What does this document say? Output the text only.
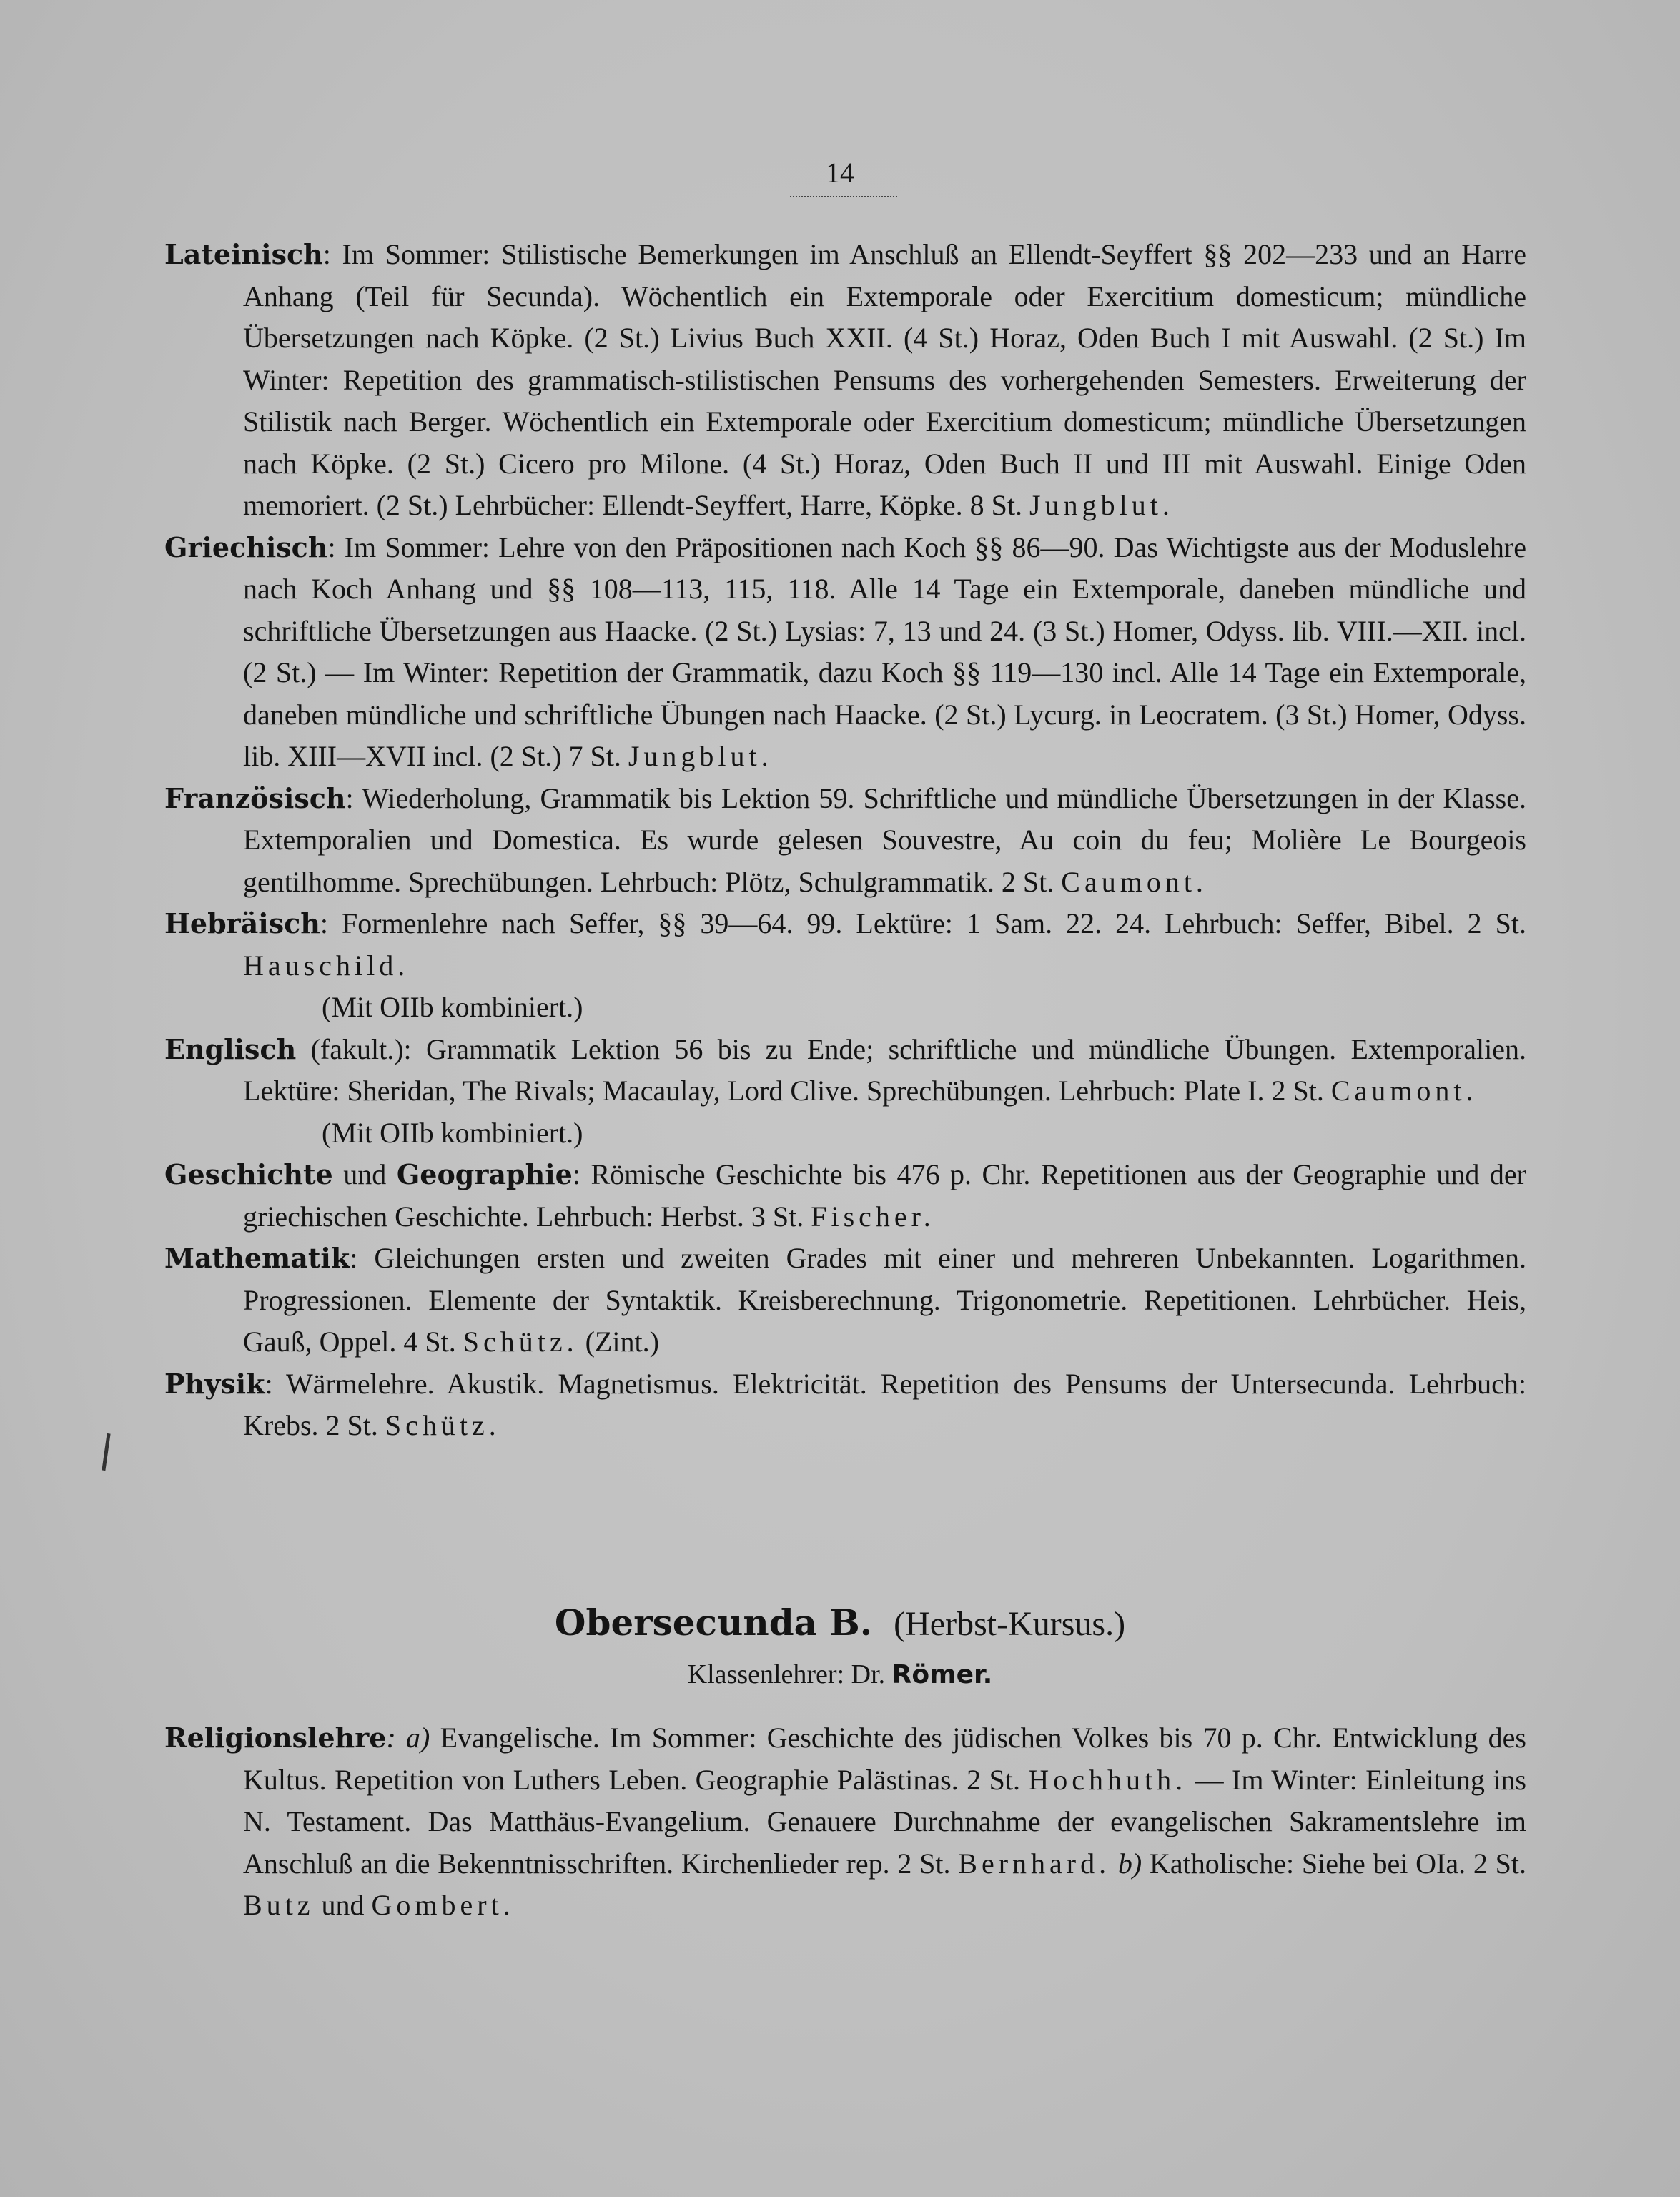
14

Lateinisch: Im Sommer: Stilistische Bemerkungen im Anschluß an Ellendt-Seyffert §§ 202—233 und an Harre Anhang (Teil für Secunda). Wöchentlich ein Extemporale oder Exercitium domesticum; mündliche Übersetzungen nach Köpke. (2 St.) Livius Buch XXII. (4 St.) Horaz, Oden Buch I mit Auswahl. (2 St.) Im Winter: Repetition des grammatisch-stilistischen Pensums des vorhergehenden Semesters. Erweiterung der Stilistik nach Berger. Wöchentlich ein Extemporale oder Exercitium domesticum; mündliche Übersetzungen nach Köpke. (2 St.) Cicero pro Milone. (4 St.) Horaz, Oden Buch II und III mit Auswahl. Einige Oden memoriert. (2 St.) Lehrbücher: Ellendt-Seyffert, Harre, Köpke. 8 St. Jungblut.

Griechisch: Im Sommer: Lehre von den Präpositionen nach Koch §§ 86—90. Das Wichtigste aus der Moduslehre nach Koch Anhang und §§ 108—113, 115, 118. Alle 14 Tage ein Extemporale, daneben mündliche und schriftliche Übersetzungen aus Haacke. (2 St.) Lysias: 7, 13 und 24. (3 St.) Homer, Odyss. lib. VIII.—XII. incl. (2 St.) — Im Winter: Repetition der Grammatik, dazu Koch §§ 119—130 incl. Alle 14 Tage ein Extemporale, daneben mündliche und schriftliche Übungen nach Haacke. (2 St.) Lycurg. in Leocratem. (3 St.) Homer, Odyss. lib. XIII—XVII incl. (2 St.) 7 St. Jungblut.

Französisch: Wiederholung, Grammatik bis Lektion 59. Schriftliche und mündliche Übersetzungen in der Klasse. Extemporalien und Domestica. Es wurde gelesen Souvestre, Au coin du feu; Molière Le Bourgeois gentilhomme. Sprechübungen. Lehrbuch: Plötz, Schulgrammatik. 2 St. Caumont.

Hebräisch: Formenlehre nach Seffer, §§ 39—64. 99. Lektüre: 1 Sam. 22. 24. Lehrbuch: Seffer, Bibel. 2 St. Hauschild.

(Mit OIIb kombiniert.)

Englisch (fakult.): Grammatik Lektion 56 bis zu Ende; schriftliche und mündliche Übungen. Extemporalien. Lektüre: Sheridan, The Rivals; Macaulay, Lord Clive. Sprechübungen. Lehrbuch: Plate I. 2 St. Caumont.

(Mit OIIb kombiniert.)

Geschichte und Geographie: Römische Geschichte bis 476 p. Chr. Repetitionen aus der Geographie und der griechischen Geschichte. Lehrbuch: Herbst. 3 St. Fischer.

Mathematik: Gleichungen ersten und zweiten Grades mit einer und mehreren Unbekannten. Logarithmen. Progressionen. Elemente der Syntaktik. Kreisberechnung. Trigonometrie. Repetitionen. Lehrbücher. Heis, Gauß, Oppel. 4 St. Schütz. (Zint.)

Physik: Wärmelehre. Akustik. Magnetismus. Elektricität. Repetition des Pensums der Untersecunda. Lehrbuch: Krebs. 2 St. Schütz.

Obersecunda B. (Herbst-Kursus.)
Klassenlehrer: Dr. Römer.

Religionslehre: a) Evangelische. Im Sommer: Geschichte des jüdischen Volkes bis 70 p. Chr. Entwicklung des Kultus. Repetition von Luthers Leben. Geographie Palästinas. 2 St. Hochhuth. — Im Winter: Einleitung ins N. Testament. Das Matthäus-Evangelium. Genauere Durchnahme der evangelischen Sakramentslehre im Anschluß an die Bekenntnisschriften. Kirchenlieder rep. 2 St. Bernhard. b) Katholische: Siehe bei OIa. 2 St. Butz und Gombert.
